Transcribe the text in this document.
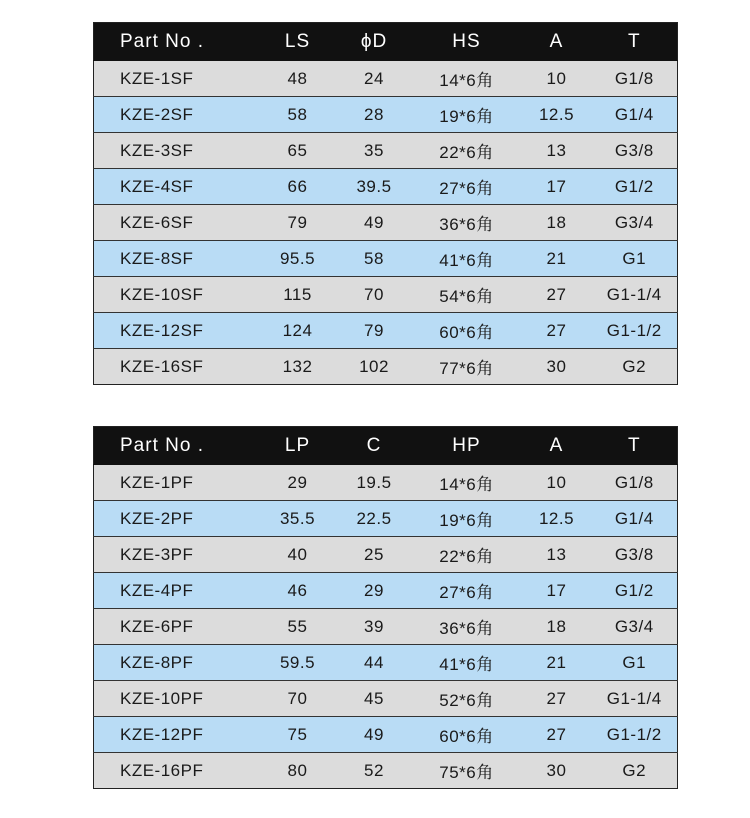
Part No .	LS	ϕD	HS	A	T
KZE-1SF	48	24	14*6角	10	G1/8
KZE-2SF	58	28	19*6角	12.5	G1/4
KZE-3SF	65	35	22*6角	13	G3/8
KZE-4SF	66	39.5	27*6角	17	G1/2
KZE-6SF	79	49	36*6角	18	G3/4
KZE-8SF	95.5	58	41*6角	21	G1
KZE-10SF	115	70	54*6角	27	G1-1/4
KZE-12SF	124	79	60*6角	27	G1-1/2
KZE-16SF	132	102	77*6角	30	G2
Part No .	LP	C	HP	A	T
KZE-1PF	29	19.5	14*6角	10	G1/8
KZE-2PF	35.5	22.5	19*6角	12.5	G1/4
KZE-3PF	40	25	22*6角	13	G3/8
KZE-4PF	46	29	27*6角	17	G1/2
KZE-6PF	55	39	36*6角	18	G3/4
KZE-8PF	59.5	44	41*6角	21	G1
KZE-10PF	70	45	52*6角	27	G1-1/4
KZE-12PF	75	49	60*6角	27	G1-1/2
KZE-16PF	80	52	75*6角	30	G2
